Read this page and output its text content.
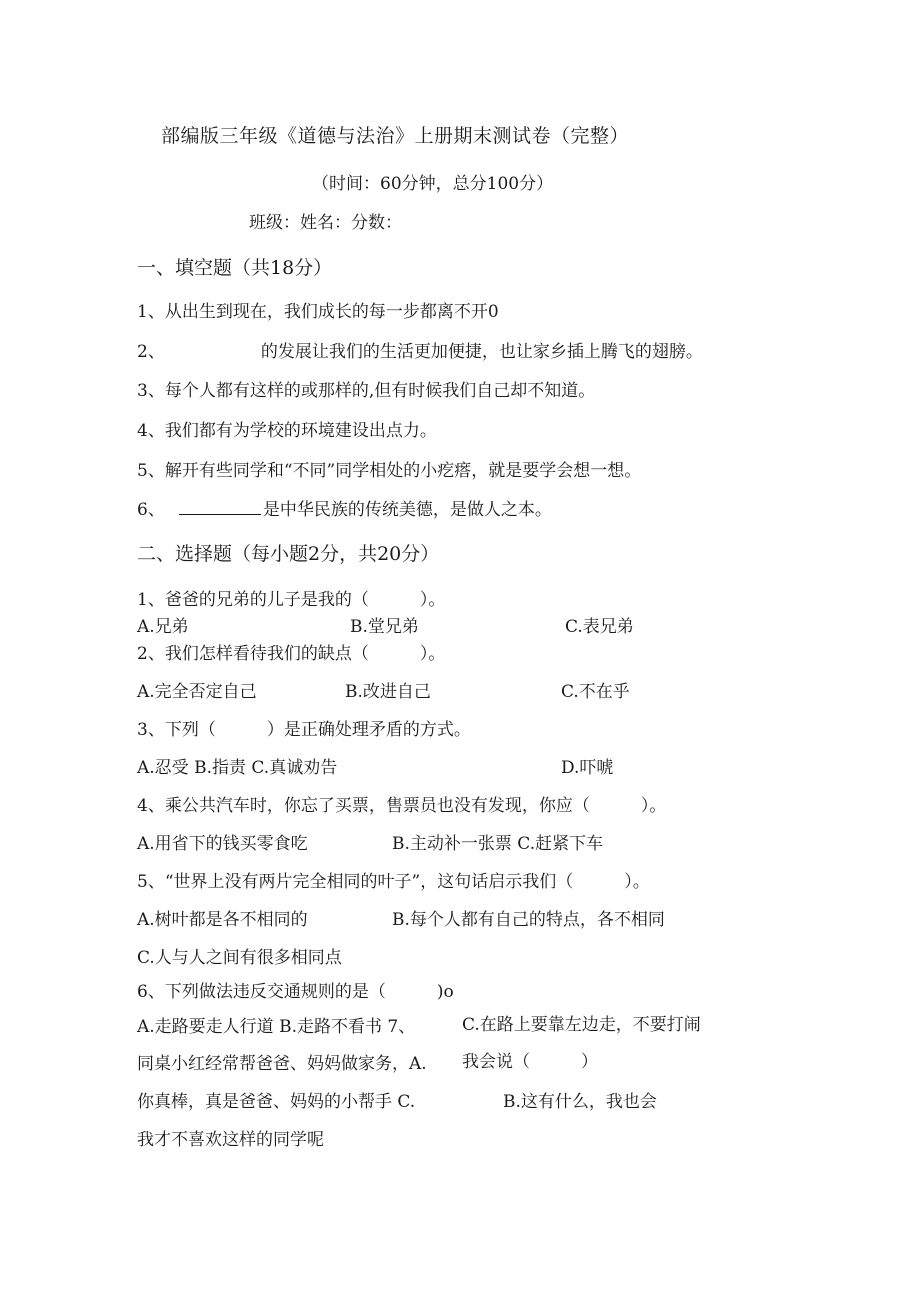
部编版三年级《道德与法治》上册期末测试卷（完整）
（时间：60分钟，总分100分）
班级：姓名：分数：
一、填空题（共18分）
1、从出生到现在，我们成长的每一步都离不开0
2、	的发展让我们的生活更加便捷，也让家乡插上腾飞的翅膀。
3、每个人都有这样的或那样的,但有时候我们自己却不知道。
4、我们都有为学校的环境建设出点力。
5、解开有些同学和“不同”同学相处的小疙瘩，就是要学会想一想。
6、	是中华民族的传统美德，是做人之本。
二、选择题（每小题2分，共20分）
1、爸爸的兄弟的儿子是我的（　　　）。
A.兄弟	B.堂兄弟	C.表兄弟
2、我们怎样看待我们的缺点（　　　）。
A.完全否定自己	B.改进自己	C.不在乎
3、下列（　　　）是正确处理矛盾的方式。
A.忍受 B.指责 C.真诚劝告	D.吓唬
4、乘公共汽车时，你忘了买票，售票员也没有发现，你应（　　　）。
A.用省下的钱买零食吃	B.主动补一张票 C.赶紧下车
5、“世界上没有两片完全相同的叶子”，这句话启示我们（　　　）。
A.树叶都是各不相同的	B.每个人都有自己的特点，各不相同
C.人与人之间有很多相同点
6、下列做法违反交通规则的是（　　　)o
A.走路要走人行道 B.走路不看书 7、	C.在路上要靠左边走，不要打闹
同桌小红经常帮爸爸、妈妈做家务，A. 我会说（　　　）
你真棒，真是爸爸、妈妈的小帮手 C.	B.这有什么，我也会
我才不喜欢这样的同学呢
